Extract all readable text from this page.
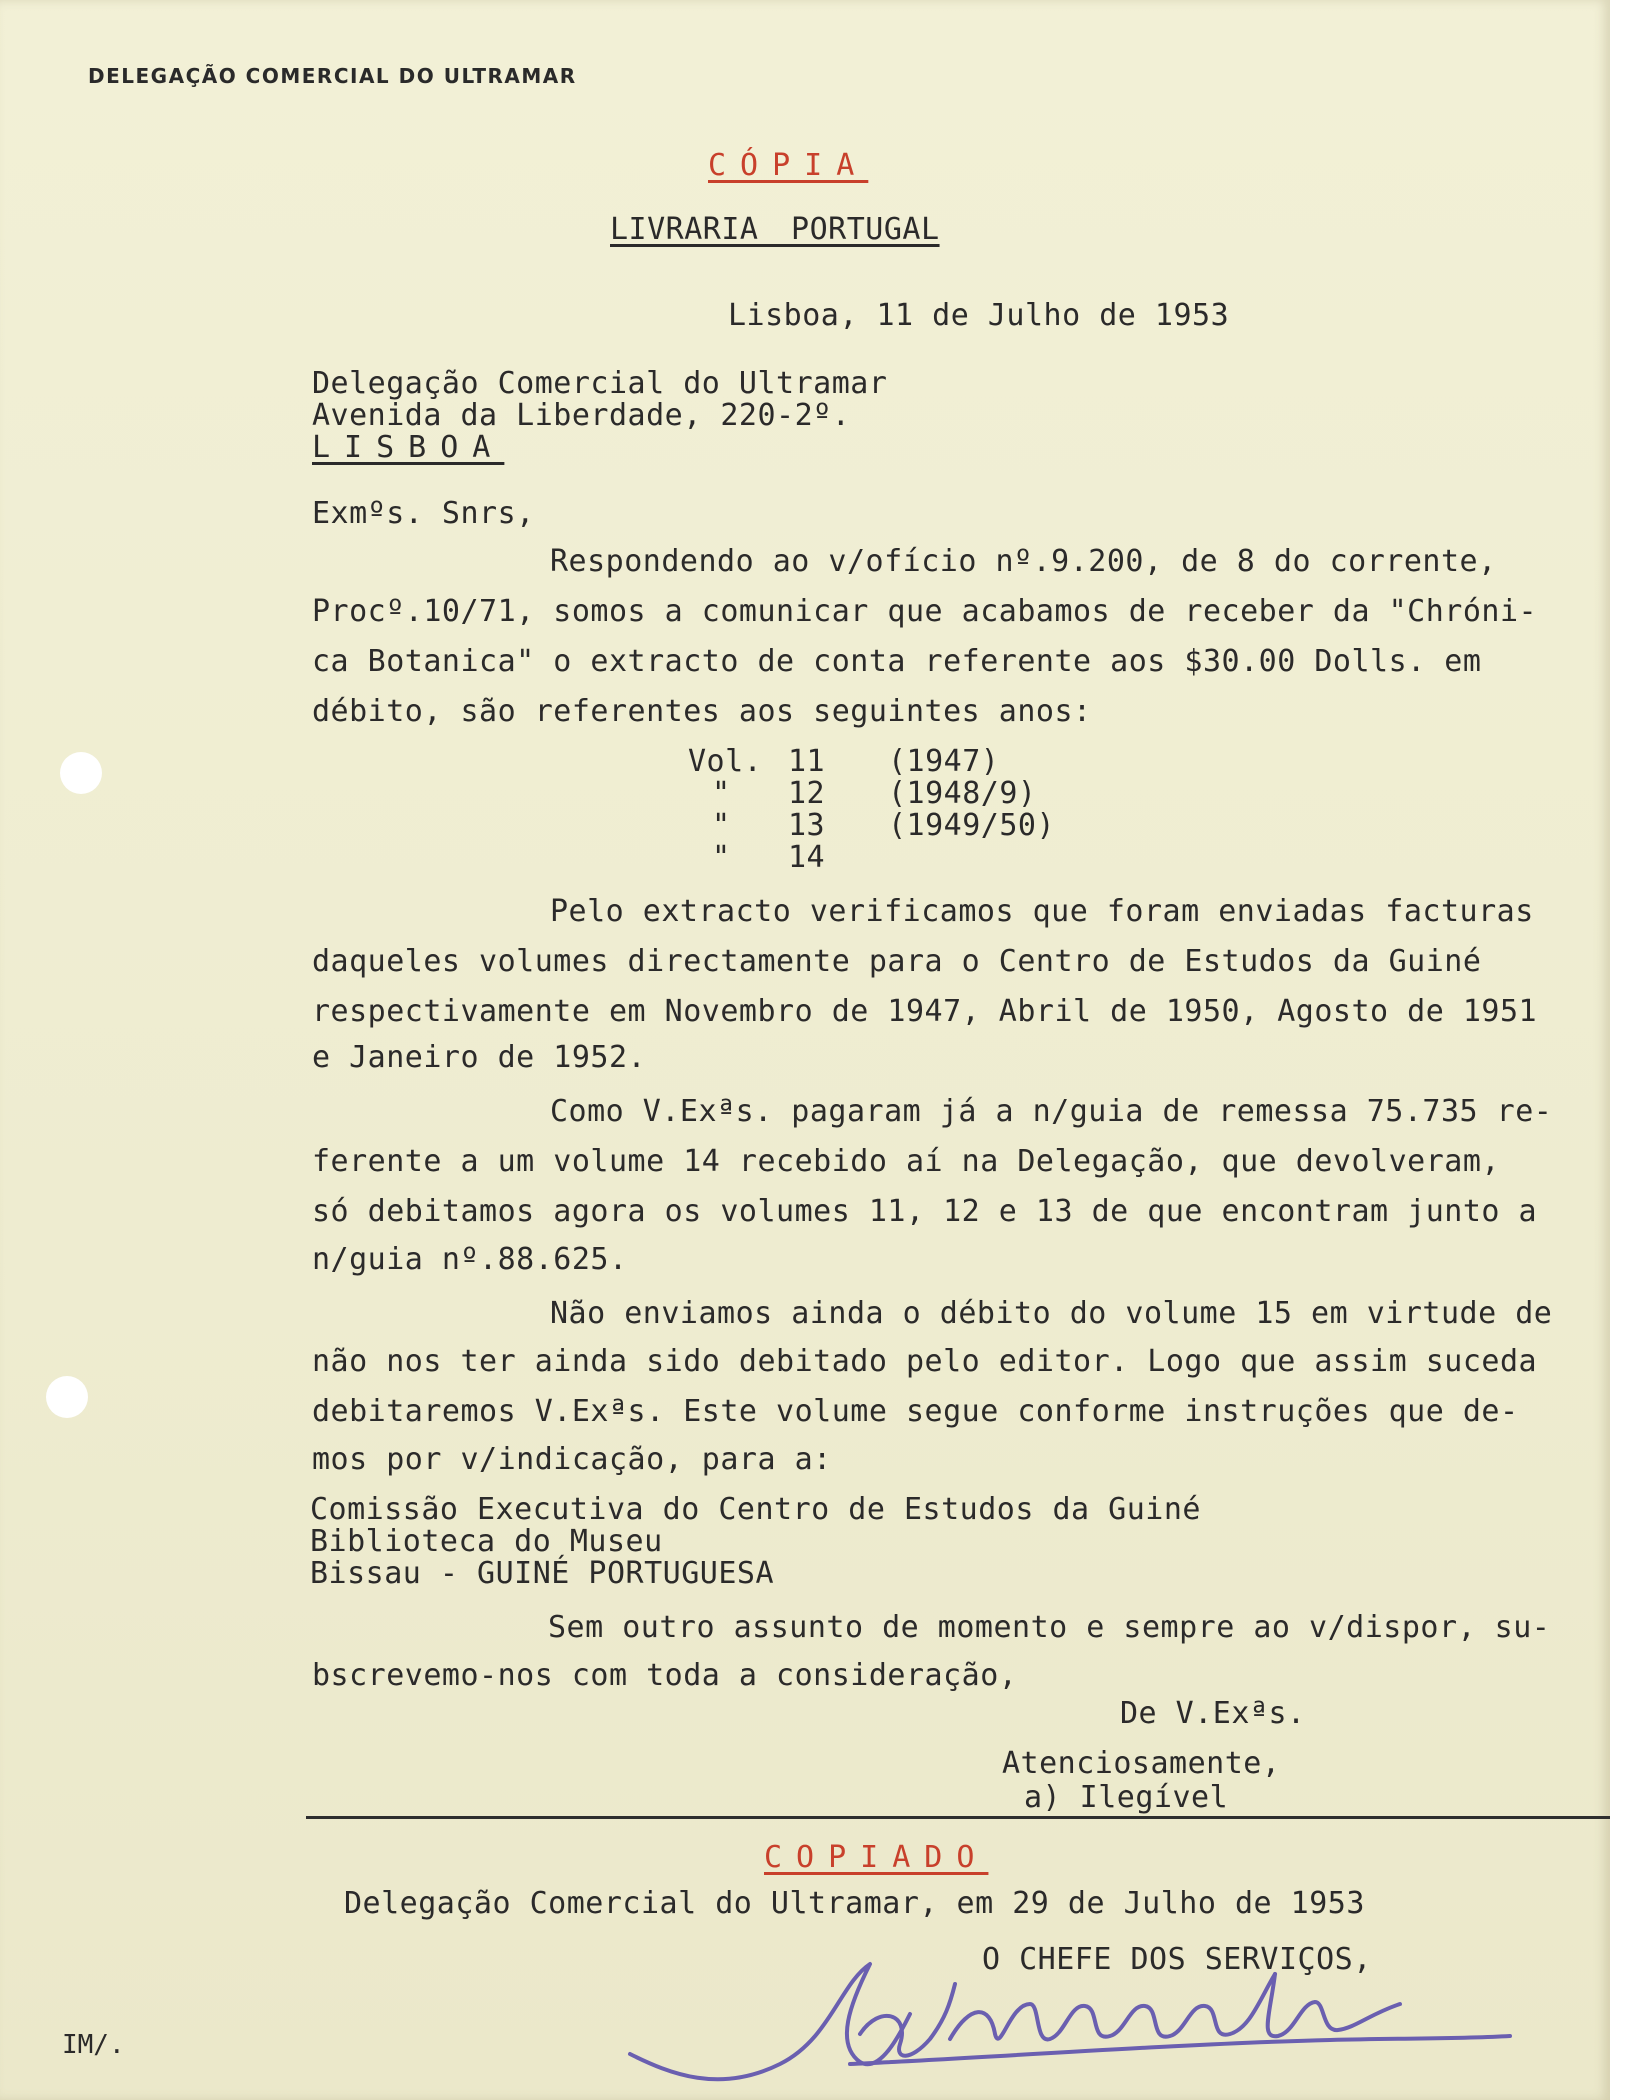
DELEGAÇÃO COMERCIAL DO ULTRAMAR
CÓPIA
LIVRARIA PORTUGAL
Lisboa, 11 de Julho de 1953
Delegação Comercial do Ultramar
Avenida da Liberdade, 220-2º.
LISBOA
Exmºs. Snrs,
Respondendo ao v/ofício nº.9.200, de 8 do corrente,
Procº.10/71, somos a comunicar que acabamos de receber da "Chróni-
ca Botanica" o extracto de conta referente aos $30.00 Dolls. em
débito, são referentes aos seguintes anos:
Vol. 11 (1947)
" 12 (1948/9)
" 13 (1949/50)
" 14
Pelo extracto verificamos que foram enviadas facturas
daqueles volumes directamente para o Centro de Estudos da Guiné
respectivamente em Novembro de 1947, Abril de 1950, Agosto de 1951
e Janeiro de 1952.
Como V.Exªs. pagaram já a n/guia de remessa 75.735 re-
ferente a um volume 14 recebido aí na Delegação, que devolveram,
só debitamos agora os volumes 11, 12 e 13 de que encontram junto a
n/guia nº.88.625.
Não enviamos ainda o débito do volume 15 em virtude de
não nos ter ainda sido debitado pelo editor. Logo que assim suceda
debitaremos V.Exªs. Este volume segue conforme instruções que de-
mos por v/indicação, para a:
Comissão Executiva do Centro de Estudos da Guiné
Biblioteca do Museu
Bissau - GUINÉ PORTUGUESA
Sem outro assunto de momento e sempre ao v/dispor, su-
bscrevemo-nos com toda a consideração,
De V.Exªs.
Atenciosamente,
a) Ilegível
COPIADO
Delegação Comercial do Ultramar, em 29 de Julho de 1953
O CHEFE DOS SERVIÇOS,
IM/.
